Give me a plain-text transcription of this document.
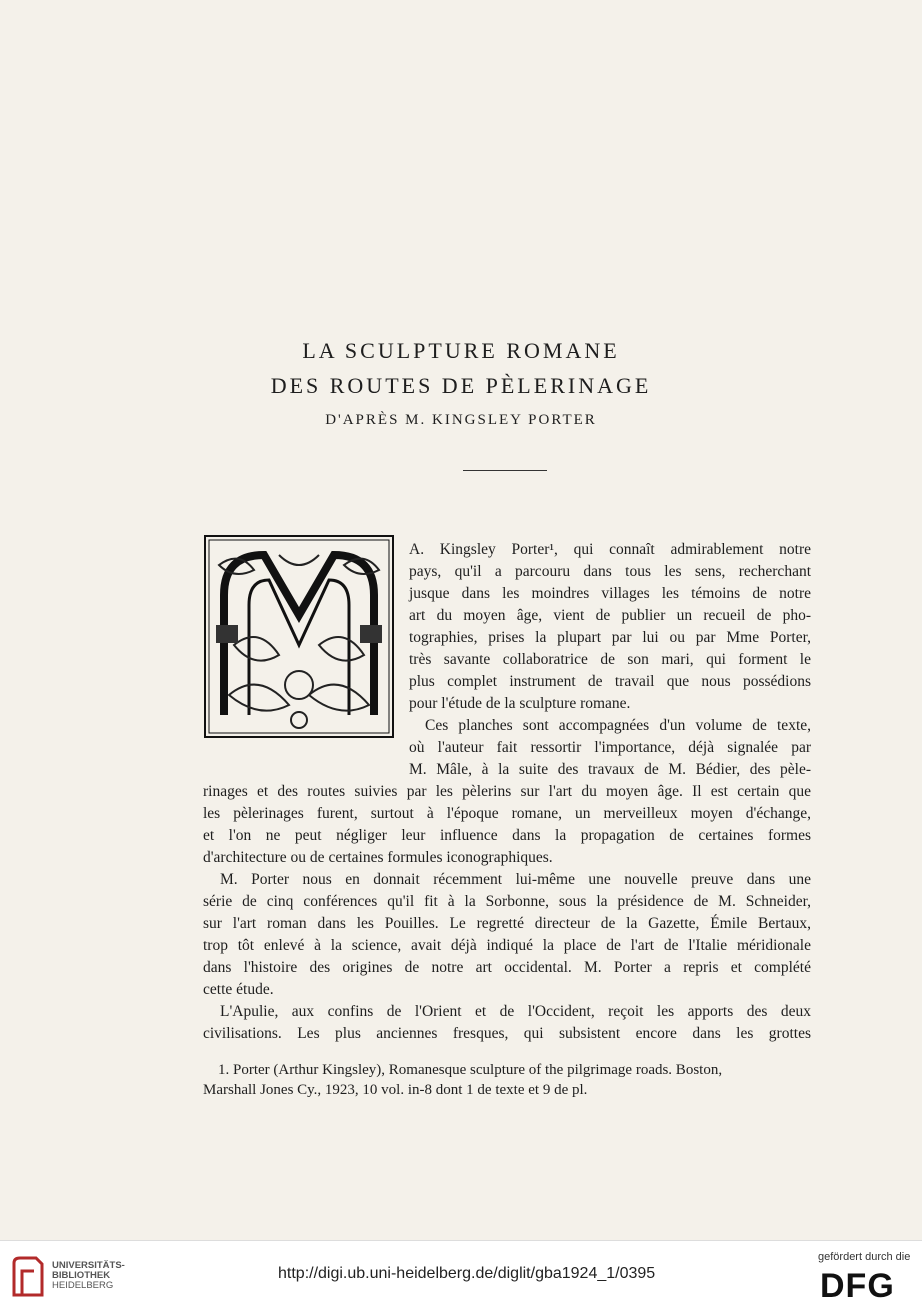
LA SCULPTURE ROMANE
DES ROUTES DE PÈLERINAGE
D'APRÈS M. KINGSLEY PORTER
A. Kingsley Porter¹, qui connaît admirablement notre
pays, qu'il a parcouru dans tous les sens, recherchant
jusque dans les moindres villages les témoins de notre
art du moyen âge, vient de publier un recueil de pho-
tographies, prises la plupart par lui ou par Mme Porter,
très savante collaboratrice de son mari, qui forment le
plus complet instrument de travail que nous possédions
pour l'étude de la sculpture romane.
Ces planches sont accompagnées d'un volume de texte,
où l'auteur fait ressortir l'importance, déjà signalée par
M. Mâle, à la suite des travaux de M. Bédier, des pèle-
rinages et des routes suivies par les pèlerins sur l'art du moyen âge. Il est certain que
les pèlerinages furent, surtout à l'époque romane, un merveilleux moyen d'échange,
et l'on ne peut négliger leur influence dans la propagation de certaines formes
d'architecture ou de certaines formules iconographiques.
M. Porter nous en donnait récemment lui-même une nouvelle preuve dans une
série de cinq conférences qu'il fit à la Sorbonne, sous la présidence de M. Schneider,
sur l'art roman dans les Pouilles. Le regretté directeur de la Gazette, Émile Bertaux,
trop tôt enlevé à la science, avait déjà indiqué la place de l'art de l'Italie méridionale
dans l'histoire des origines de notre art occidental. M. Porter a repris et complété
cette étude.
L'Apulie, aux confins de l'Orient et de l'Occident, reçoit les apports des deux
civilisations. Les plus anciennes fresques, qui subsistent encore dans les grottes
1. Porter (Arthur Kingsley), Romanesque sculpture of the pilgrimage roads. Boston,
Marshall Jones Cy., 1923, 10 vol. in-8 dont 1 de texte et 9 de pl.
UNIVERSITÄTS-
BIBLIOTHEK
HEIDELBERG
http://digi.ub.uni-heidelberg.de/diglit/gba1924_1/0395
gefördert durch die
DFG
